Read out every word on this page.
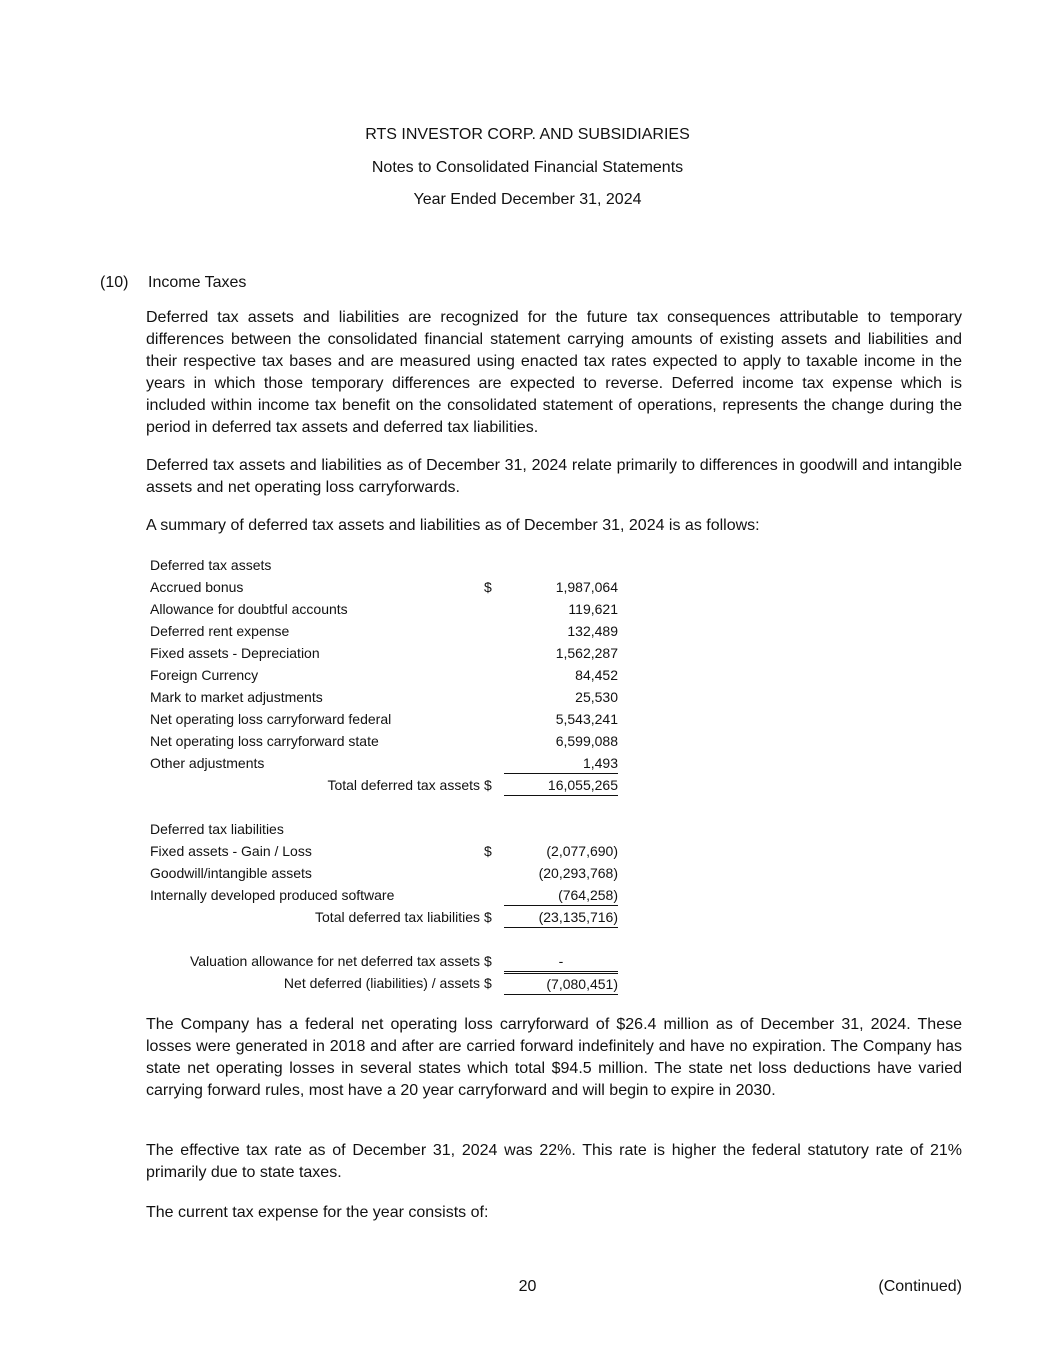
RTS INVESTOR CORP. AND SUBSIDIARIES
Notes to Consolidated Financial Statements
Year Ended December 31, 2024
(10) Income Taxes

Deferred tax assets and liabilities are recognized for the future tax consequences attributable to temporary differences between the consolidated financial statement carrying amounts of existing assets and liabilities and their respective tax bases and are measured using enacted tax rates expected to apply to taxable income in the years in which those temporary differences are expected to reverse. Deferred income tax expense which is included within income tax benefit on the consolidated statement of operations, represents the change during the period in deferred tax assets and deferred tax liabilities.

Deferred tax assets and liabilities as of December 31, 2024 relate primarily to differences in goodwill and intangible assets and net operating loss carryforwards.

A summary of deferred tax assets and liabilities as of December 31, 2024 is as follows:

Deferred tax assets
Accrued bonus	$	1,987,064
Allowance for doubtful accounts	119,621
Deferred rent expense	132,489
Fixed assets - Depreciation	1,562,287
Foreign Currency	84,452
Mark to market adjustments	25,530
Net operating loss carryforward federal	5,543,241
Net operating loss carryforward state	6,599,088
Other adjustments	1,493
Total deferred tax assets $	16,055,265
Deferred tax liabilities
Fixed assets - Gain / Loss	$	(2,077,690)
Goodwill/intangible assets	(20,293,768)
Internally developed produced software	(764,258)
Total deferred tax liabilities $	(23,135,716)
Valuation allowance for net deferred tax assets $	-
Net deferred (liabilities) / assets $	(7,080,451)

The Company has a federal net operating loss carryforward of $26.4 million as of December 31, 2024. These losses were generated in 2018 and after are carried forward indefinitely and have no expiration. The Company has state net operating losses in several states which total $94.5 million. The state net loss deductions have varied carrying forward rules, most have a 20 year carryforward and will begin to expire in 2030.

The effective tax rate as of December 31, 2024 was 22%. This rate is higher the federal statutory rate of 21% primarily due to state taxes.

The current tax expense for the year consists of:

20	(Continued)
